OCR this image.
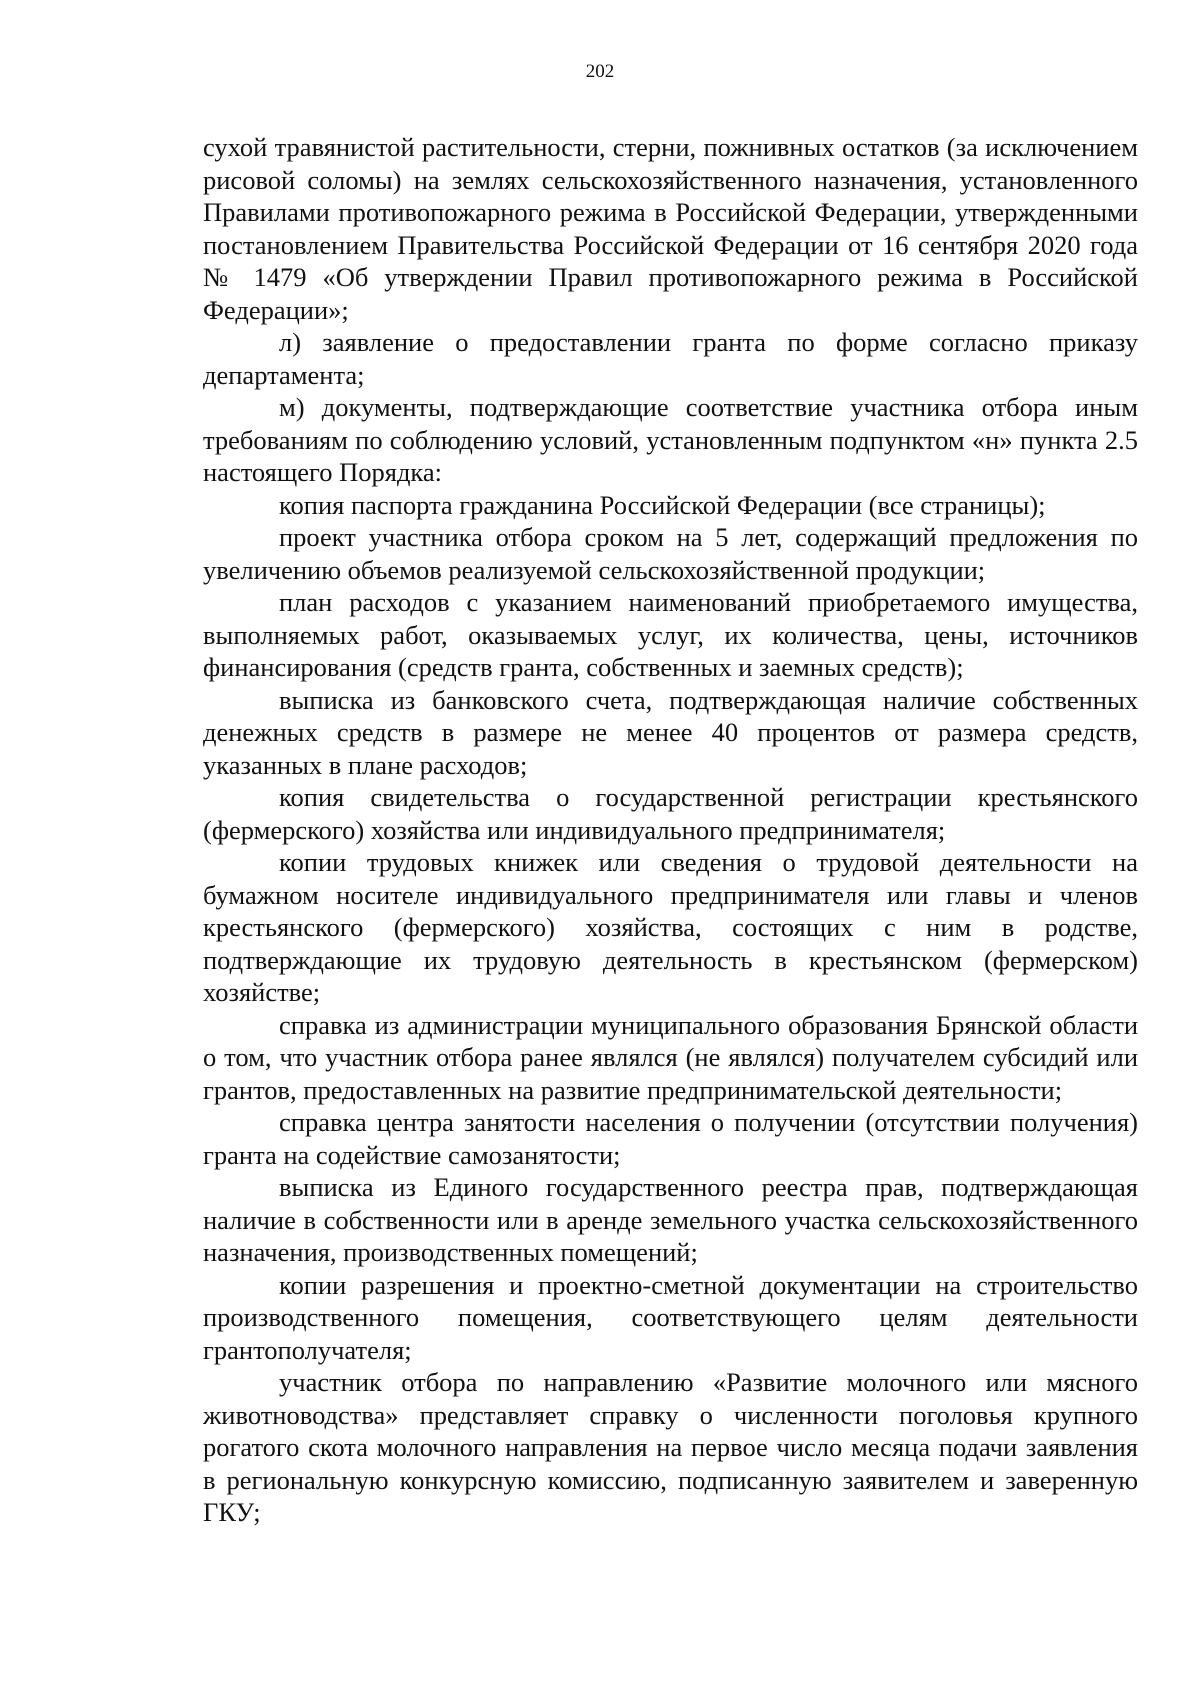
202

сухой травянистой растительности, стерни, пожнивных остатков (за исключением рисовой соломы) на землях сельскохозяйственного назначения, установленного Правилами противопожарного режима в Российской Федерации, утвержденными постановлением Правительства Российской Федерации от 16 сентября 2020 года № 1479 «Об утверждении Правил противопожарного режима в Российской Федерации»;

л) заявление о предоставлении гранта по форме согласно приказу департамента;

м) документы, подтверждающие соответствие участника отбора иным требованиям по соблюдению условий, установленным подпунктом «н» пункта 2.5 настоящего Порядка:

копия паспорта гражданина Российской Федерации (все страницы);

проект участника отбора сроком на 5 лет, содержащий предложения по увеличению объемов реализуемой сельскохозяйственной продукции;

план расходов с указанием наименований приобретаемого имущества, выполняемых работ, оказываемых услуг, их количества, цены, источников финансирования (средств гранта, собственных и заемных средств);

выписка из банковского счета, подтверждающая наличие собственных денежных средств в размере не менее 40 процентов от размера средств, указанных в плане расходов;

копия свидетельства о государственной регистрации крестьянского (фермерского) хозяйства или индивидуального предпринимателя;

копии трудовых книжек или сведения о трудовой деятельности на бумажном носителе индивидуального предпринимателя или главы и членов крестьянского (фермерского) хозяйства, состоящих с ним в родстве, подтверждающие их трудовую деятельность в крестьянском (фермерском) хозяйстве;

справка из администрации муниципального образования Брянской области о том, что участник отбора ранее являлся (не являлся) получателем субсидий или грантов, предоставленных на развитие предпринимательской деятельности;

справка центра занятости населения о получении (отсутствии получения) гранта на содействие самозанятости;

выписка из Единого государственного реестра прав, подтверждающая наличие в собственности или в аренде земельного участка сельскохозяйственного назначения, производственных помещений;

копии разрешения и проектно-сметной документации на строительство производственного помещения, соответствующего целям деятельности грантополучателя;

участник отбора по направлению «Развитие молочного или мясного животноводства» представляет справку о численности поголовья крупного рогатого скота молочного направления на первое число месяца подачи заявления в региональную конкурсную комиссию, подписанную заявителем и заверенную ГКУ;
